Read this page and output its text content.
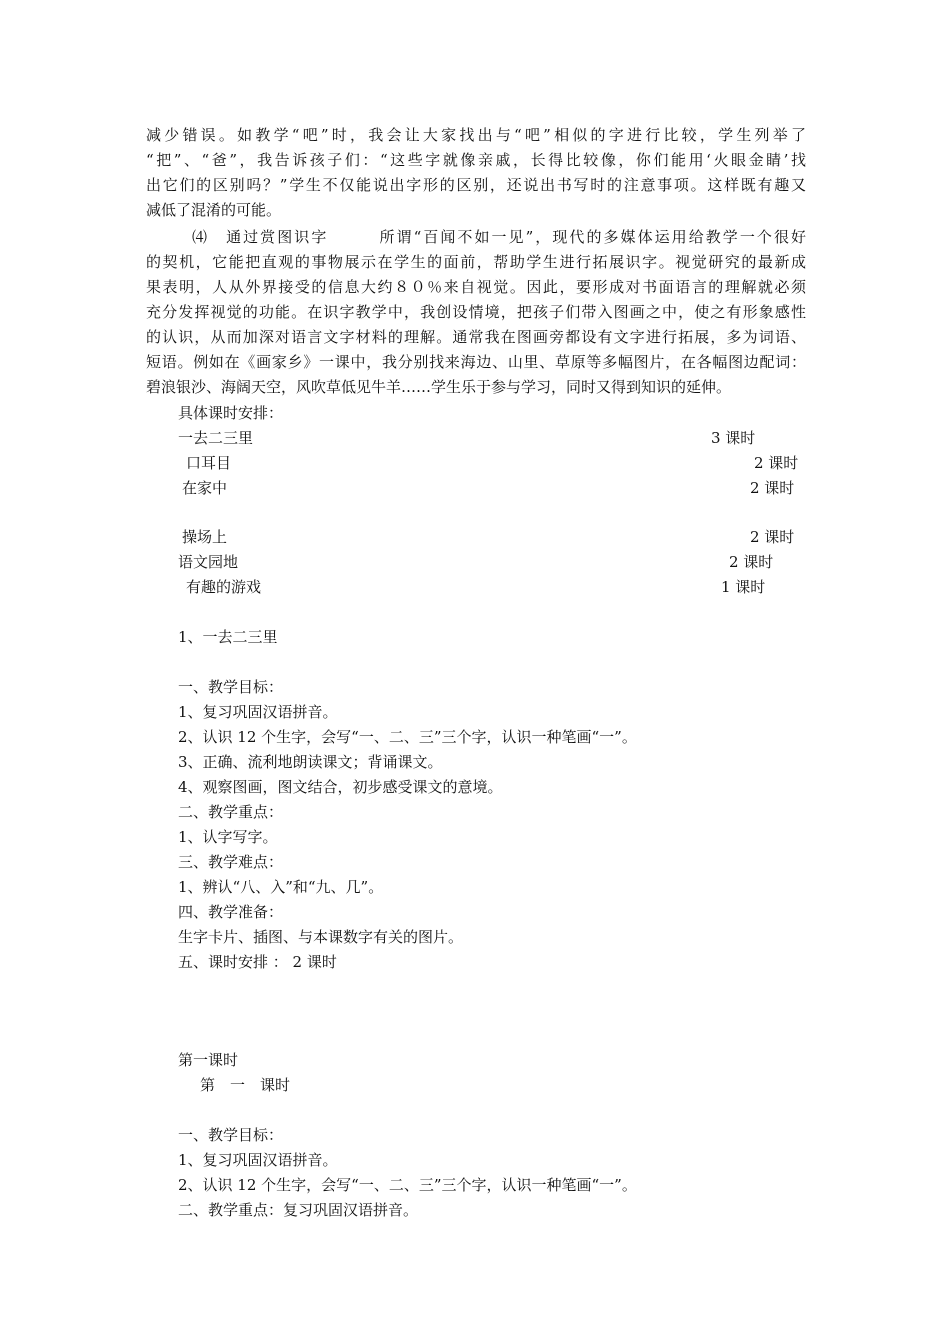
减少错误。如教学“吧”时，我会让大家找出与“吧”相似的字进行比较，学生列举了
“把”、“爸”，我告诉孩子们：“这些字就像亲戚，长得比较像，你们能用‘火眼金睛’找
出它们的区别吗？”学生不仅能说出字形的区别，还说出书写时的注意事项。这样既有趣又
减低了混淆的可能。
⑷　通过赏图识字　　　所谓“百闻不如一见”，现代的多媒体运用给教学一个很好
的契机，它能把直观的事物展示在学生的面前，帮助学生进行拓展识字。视觉研究的最新成
果表明，人从外界接受的信息大约８０％来自视觉。因此，要形成对书面语言的理解就必须
充分发挥视觉的功能。在识字教学中，我创设情境，把孩子们带入图画之中，使之有形象感性
的认识，从而加深对语言文字材料的理解。通常我在图画旁都设有文字进行拓展，多为词语、
短语。例如在《画家乡》一课中，我分别找来海边、山里、草原等多幅图片，在各幅图边配词：
碧浪银沙、海阔天空，风吹草低见牛羊……学生乐于参与学习，同时又得到知识的延伸。
具体课时安排：
一去二三里	3 课时
口耳目	2 课时
在家中	2 课时
操场上	2 课时
语文园地	2 课时
有趣的游戏	1 课时
1、一去二三里
一、教学目标：
1、复习巩固汉语拼音。
2、认识 12 个生字，会写“一、二、三”三个字，认识一种笔画“一”。
3、正确、流利地朗读课文；背诵课文。
4、观察图画，图文结合，初步感受课文的意境。
二、教学重点：
1、认字写字。
三、教学难点：
1、辨认“八、入”和“九、几”。
四、教学准备：
生字卡片、插图、与本课数字有关的图片。
五、课时安排 ： 2 课时
第一课时
第　一　课时
一、教学目标：
1、复习巩固汉语拼音。
2、认识 12 个生字，会写“一、二、三”三个字，认识一种笔画“一”。
二、教学重点：复习巩固汉语拼音。
